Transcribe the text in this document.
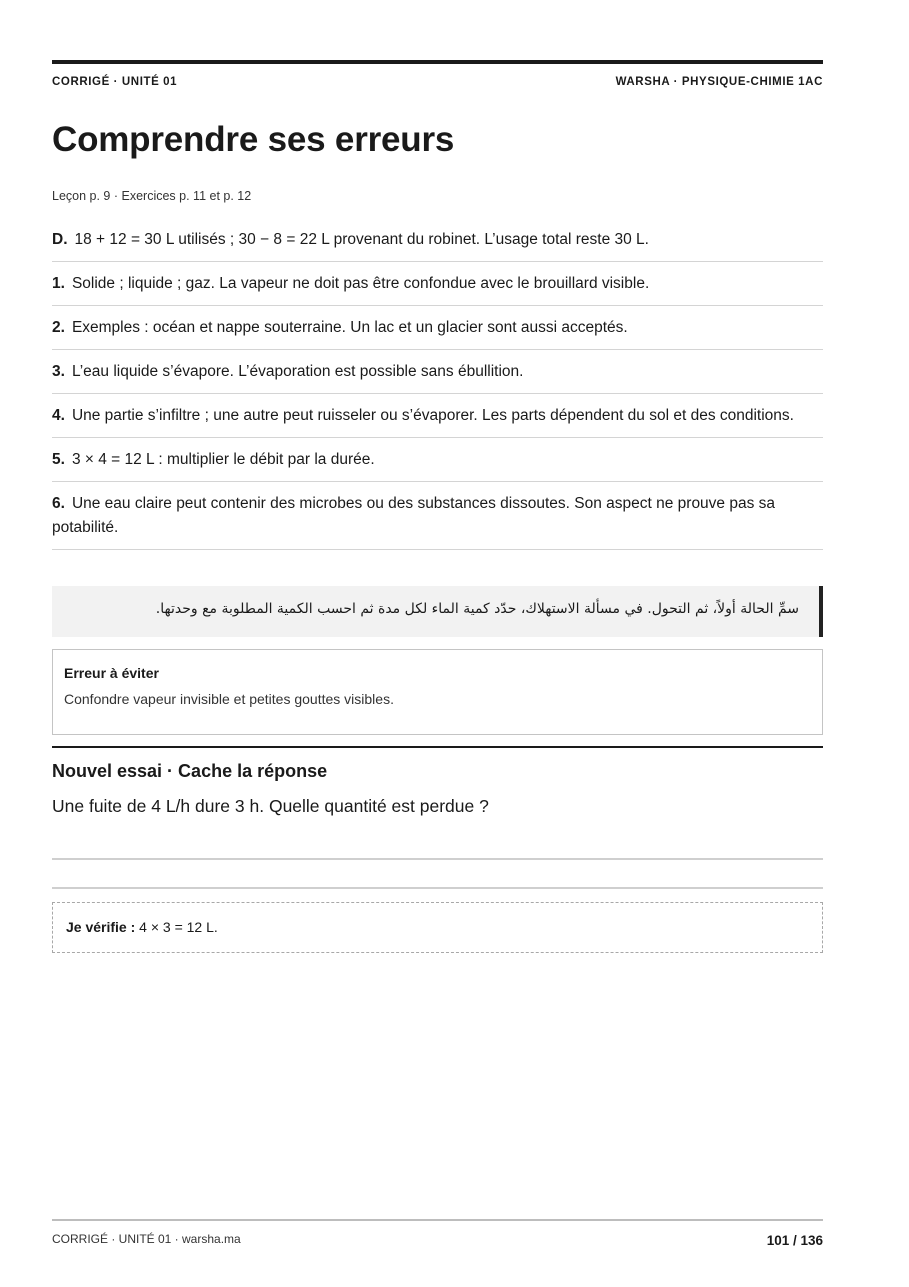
CORRIGÉ · UNITÉ 01	WARSHA · PHYSIQUE-CHIMIE 1AC
Comprendre ses erreurs
Leçon p. 9 · Exercices p. 11 et p. 12
D. 18 + 12 = 30 L utilisés ; 30 − 8 = 22 L provenant du robinet. L’usage total reste 30 L.
1. Solide ; liquide ; gaz. La vapeur ne doit pas être confondue avec le brouillard visible.
2. Exemples : océan et nappe souterraine. Un lac et un glacier sont aussi acceptés.
3. L’eau liquide s’évapore. L’évaporation est possible sans ébullition.
4. Une partie s’infiltre ; une autre peut ruisseler ou s’évaporer. Les parts dépendent du sol et des conditions.
5. 3 × 4 = 12 L : multiplier le débit par la durée.
6. Une eau claire peut contenir des microbes ou des substances dissoutes. Son aspect ne prouve pas sa potabilité.
سمِّ الحالة أولاً، ثم التحول. في مسألة الاستهلاك، حدّد كمية الماء لكل مدة ثم احسب الكمية المطلوبة مع وحدتها.
Erreur à éviter
Confondre vapeur invisible et petites gouttes visibles.
Nouvel essai · Cache la réponse
Une fuite de 4 L/h dure 3 h. Quelle quantité est perdue ?
Je vérifie : 4 × 3 = 12 L.
CORRIGÉ · UNITÉ 01 · warsha.ma	101 / 136
